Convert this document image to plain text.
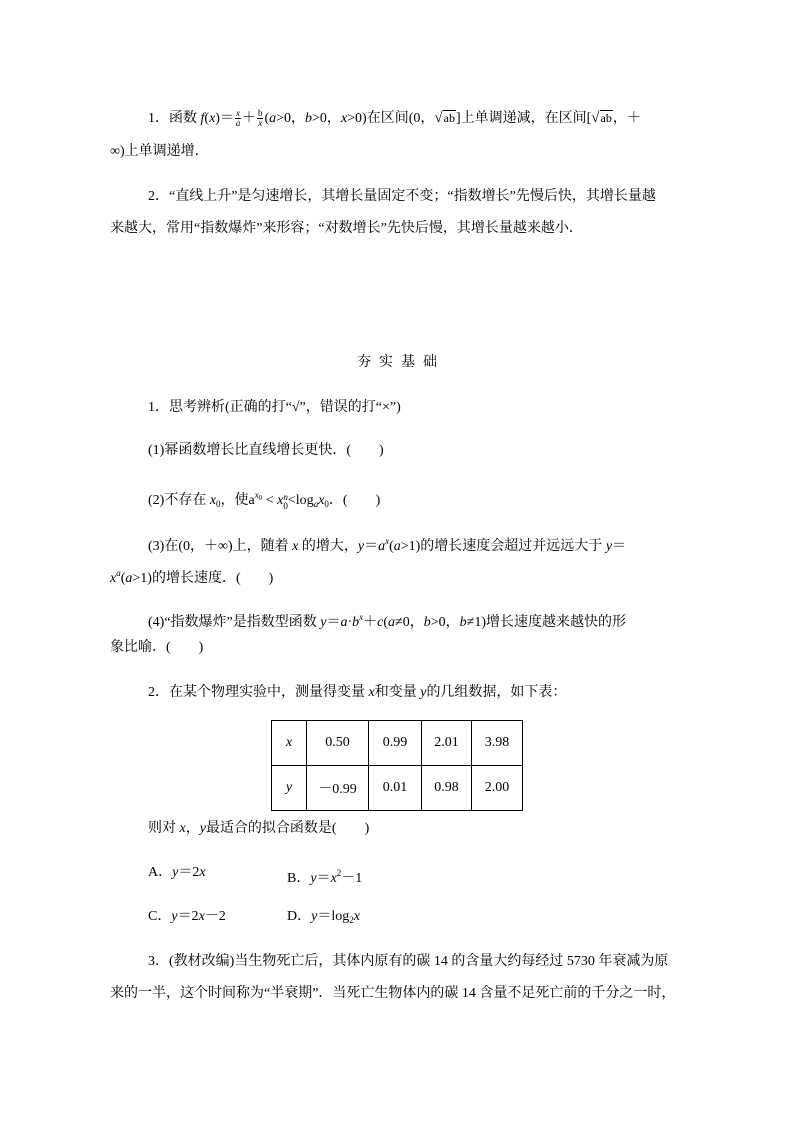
1．函数 $f(x)= \frac{x}{a} + \frac{b}{x} (a>0$，b>0，x>0)在区间(0，√ab]上单调递减，在区间[√ab，＋
∞)上单调递增．
2．“直线上升”是匀速增长，其增长量固定不变；“指数增长”先慢后快，其增长量越
来越大，常用“指数爆炸”来形容；“对数增长”先快后慢，其增长量越来越小．
夯实基础
1．思考辨析(正确的打“√”，错误的打“×”)
(1)幂函数增长比直线增长更快．(　　)
(2)不存在 $x_0$，使$a^{x_0} < x$ n
$0 <\log_ax_0$．(　　)
(3)在(0，＋∞)上，随着 x 的增大，$y=a^x(a>1)$的增长速度会超过并远远大于 y＝
$x^a(a>1)$的增长速度．(　　)
(4)“指数爆炸”是指数型函数 $y=a\cdot b^x+c(a\ne 0$，b>0，b≠1)增长速度越来越快的形
象比喻．(　　)
2．在某个物理实验中，测量得变量 x和变量 y的几组数据，如下表：
x	0.50	0.99	2.01	3.98
y	－0.99	0.01	0.98	2.00
则对 x，y最适合的拟合函数是(　　)
A．y＝2x	B．$y=x^2-1$
C．y＝2x－2	D．$y=\log_2x$
3．(教材改编)当生物死亡后，其体内原有的碳 14 的含量大约每经过 5730 年衰减为原
来的一半，这个时间称为“半衰期”．当死亡生物体内的碳 14 含量不足死亡前的千分之一时，
